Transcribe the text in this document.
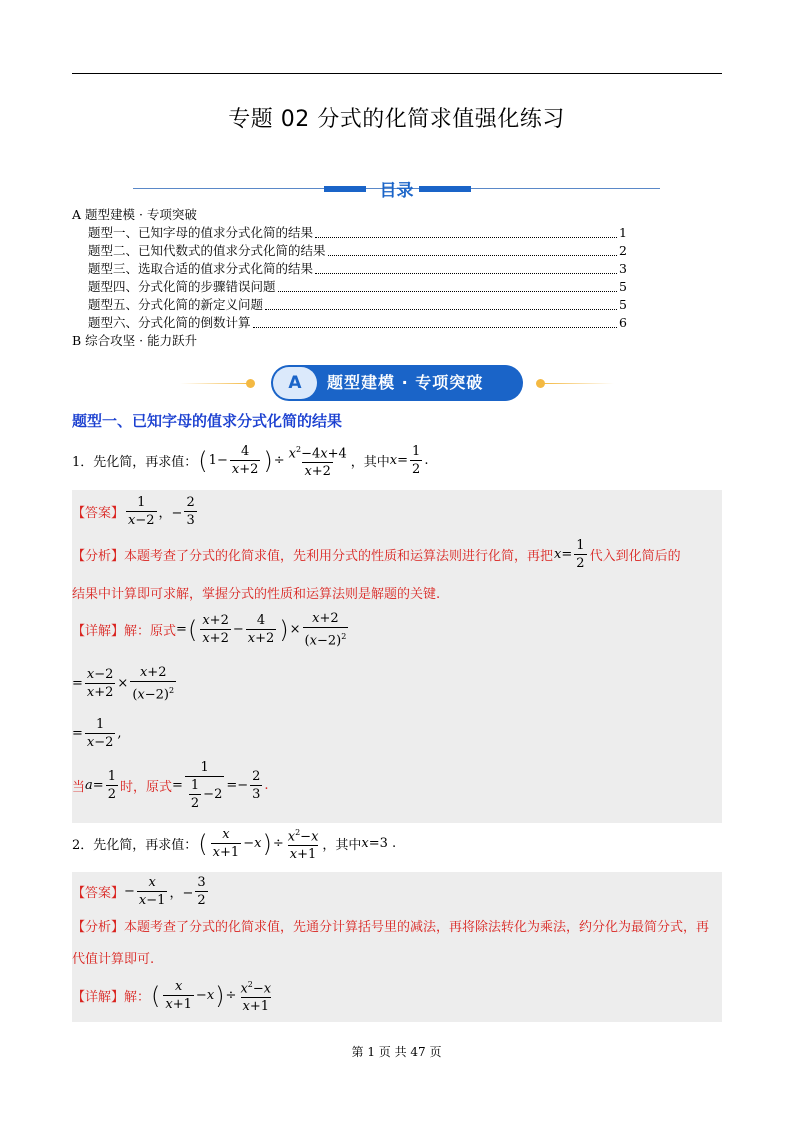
专题 02 分式的化简求值强化练习
目录
A 题型建模 · 专项突破
题型一、已知字母的值求分式化简的结果	1
题型二、已知代数式的值求分式化简的结果	2
题型三、选取合适的值求分式化简的结果	3
题型四、分式化简的步骤错误问题	5
题型五、分式化简的新定义问题	5
题型六、分式化简的倒数计算	6
B 综合攻坚 · 能力跃升
A	题型建模 · 专项突破
题型一、已知字母的值求分式化简的结果
1． 先化简，再求值： ( $1- \frac{4}{x+2}$ ) ÷ $\frac{x^2-4x+4}{x+2}$ ，其中 $x = \frac{1}{2}$ .
【答案】 $\frac{1}{x-2}$ ，− $\frac{2}{3}$
【分析】 本题考查了分式的化简求值，先利用分式的性质和运算法则进行化简，再把 $x= \frac{1}{2}$ 代入到化简后的
结果中计算即可求解，掌握分式的性质和运算法则是解题的关键.
【详解】 解： 原式 = ( $\frac{x+2}{x+2} - \frac{4}{x+2}$ ) × $\frac{x+2}{(x-2)^2}$
= $\frac{x-2}{x+2} \times \frac{x+2}{(x-2)^2}$
= $\frac{1}{x-2}$ ,
当 $a = \frac{1}{2}$ 时，原式 = $\frac{1}{\frac{1}{2} -2} =- \frac{2}{3}$ .
2． 先化简，再求值： ( $\frac{x}{x+1} - x$ ) ÷ $\frac{x^2-x}{x+1}$ ，其中 x =3 .
【答案】 − $\frac{x}{x-1}$ ，− $\frac{3}{2}$
【分析】本题考查了分式的化简求值，先通分计算括号里的减法，再将除法转化为乘法，约分化为最简分式，再代值计算即可.
【详解】 解： ( $\frac{x}{x+1} - x$ ) ÷ $\frac{x^2-x}{x+1}$
第 1 页 共 47 页
